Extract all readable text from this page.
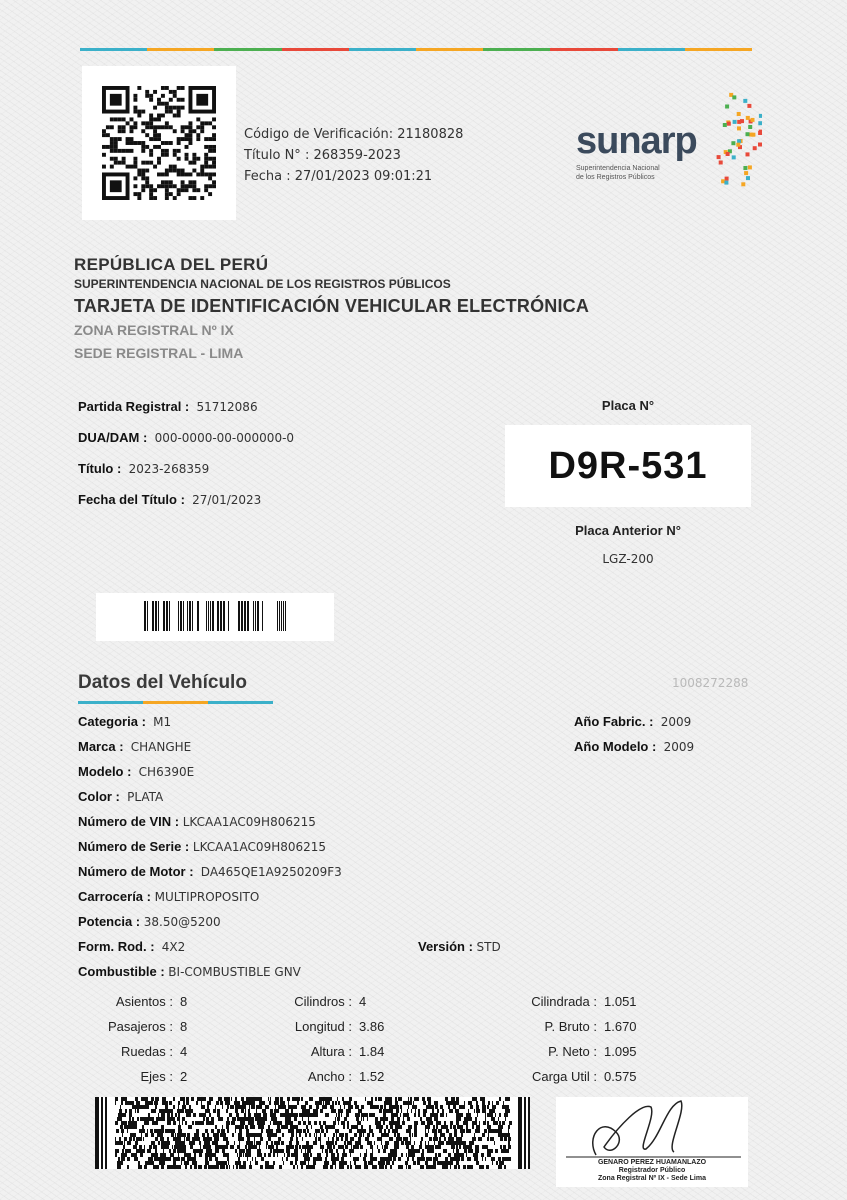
Código de Verificación: 21180828
Título N° : 268359-2023
Fecha : 27/01/2023 09:01:21
sunarp
Superintendencia Nacional
de los Registros Públicos
REPÚBLICA DEL PERÚ
SUPERINTENDENCIA NACIONAL DE LOS REGISTROS PÚBLICOS
TARJETA DE IDENTIFICACIÓN VEHICULAR ELECTRÓNICA
ZONA REGISTRAL Nº IX
SEDE REGISTRAL - LIMA
Partida Registral : 51712086
DUA/DAM : 000-0000-00-000000-0
Título : 2023-268359
Fecha del Título : 27/01/2023
Placa N°
D9R-531
Placa Anterior N°
LGZ-200
Datos del Vehículo	1008272288
Categoria : M1
Marca : CHANGHE
Modelo : CH6390E
Color : PLATA
Número de VIN : LKCAA1AC09H806215
Número de Serie : LKCAA1AC09H806215
Número de Motor : DA465QE1A9250209F3
Carrocería : MULTIPROPOSITO
Potencia : 38.50@5200
Form. Rod. : 4X2	Versión : STD
Combustible : BI-COMBUSTIBLE GNV
Año Fabric. : 2009
Año Modelo : 2009
Asientos : 8
Pasajeros : 8
Ruedas : 4
Ejes : 2
Cilindros : 4
Longitud : 3.86
Altura : 1.84
Ancho : 1.52
Cilindrada : 1.051
P. Bruto : 1.670
P. Neto : 1.095
Carga Util : 0.575
GENARO PEREZ HUAMANLAZO
Registrador Público
Zona Registral Nº IX - Sede Lima
